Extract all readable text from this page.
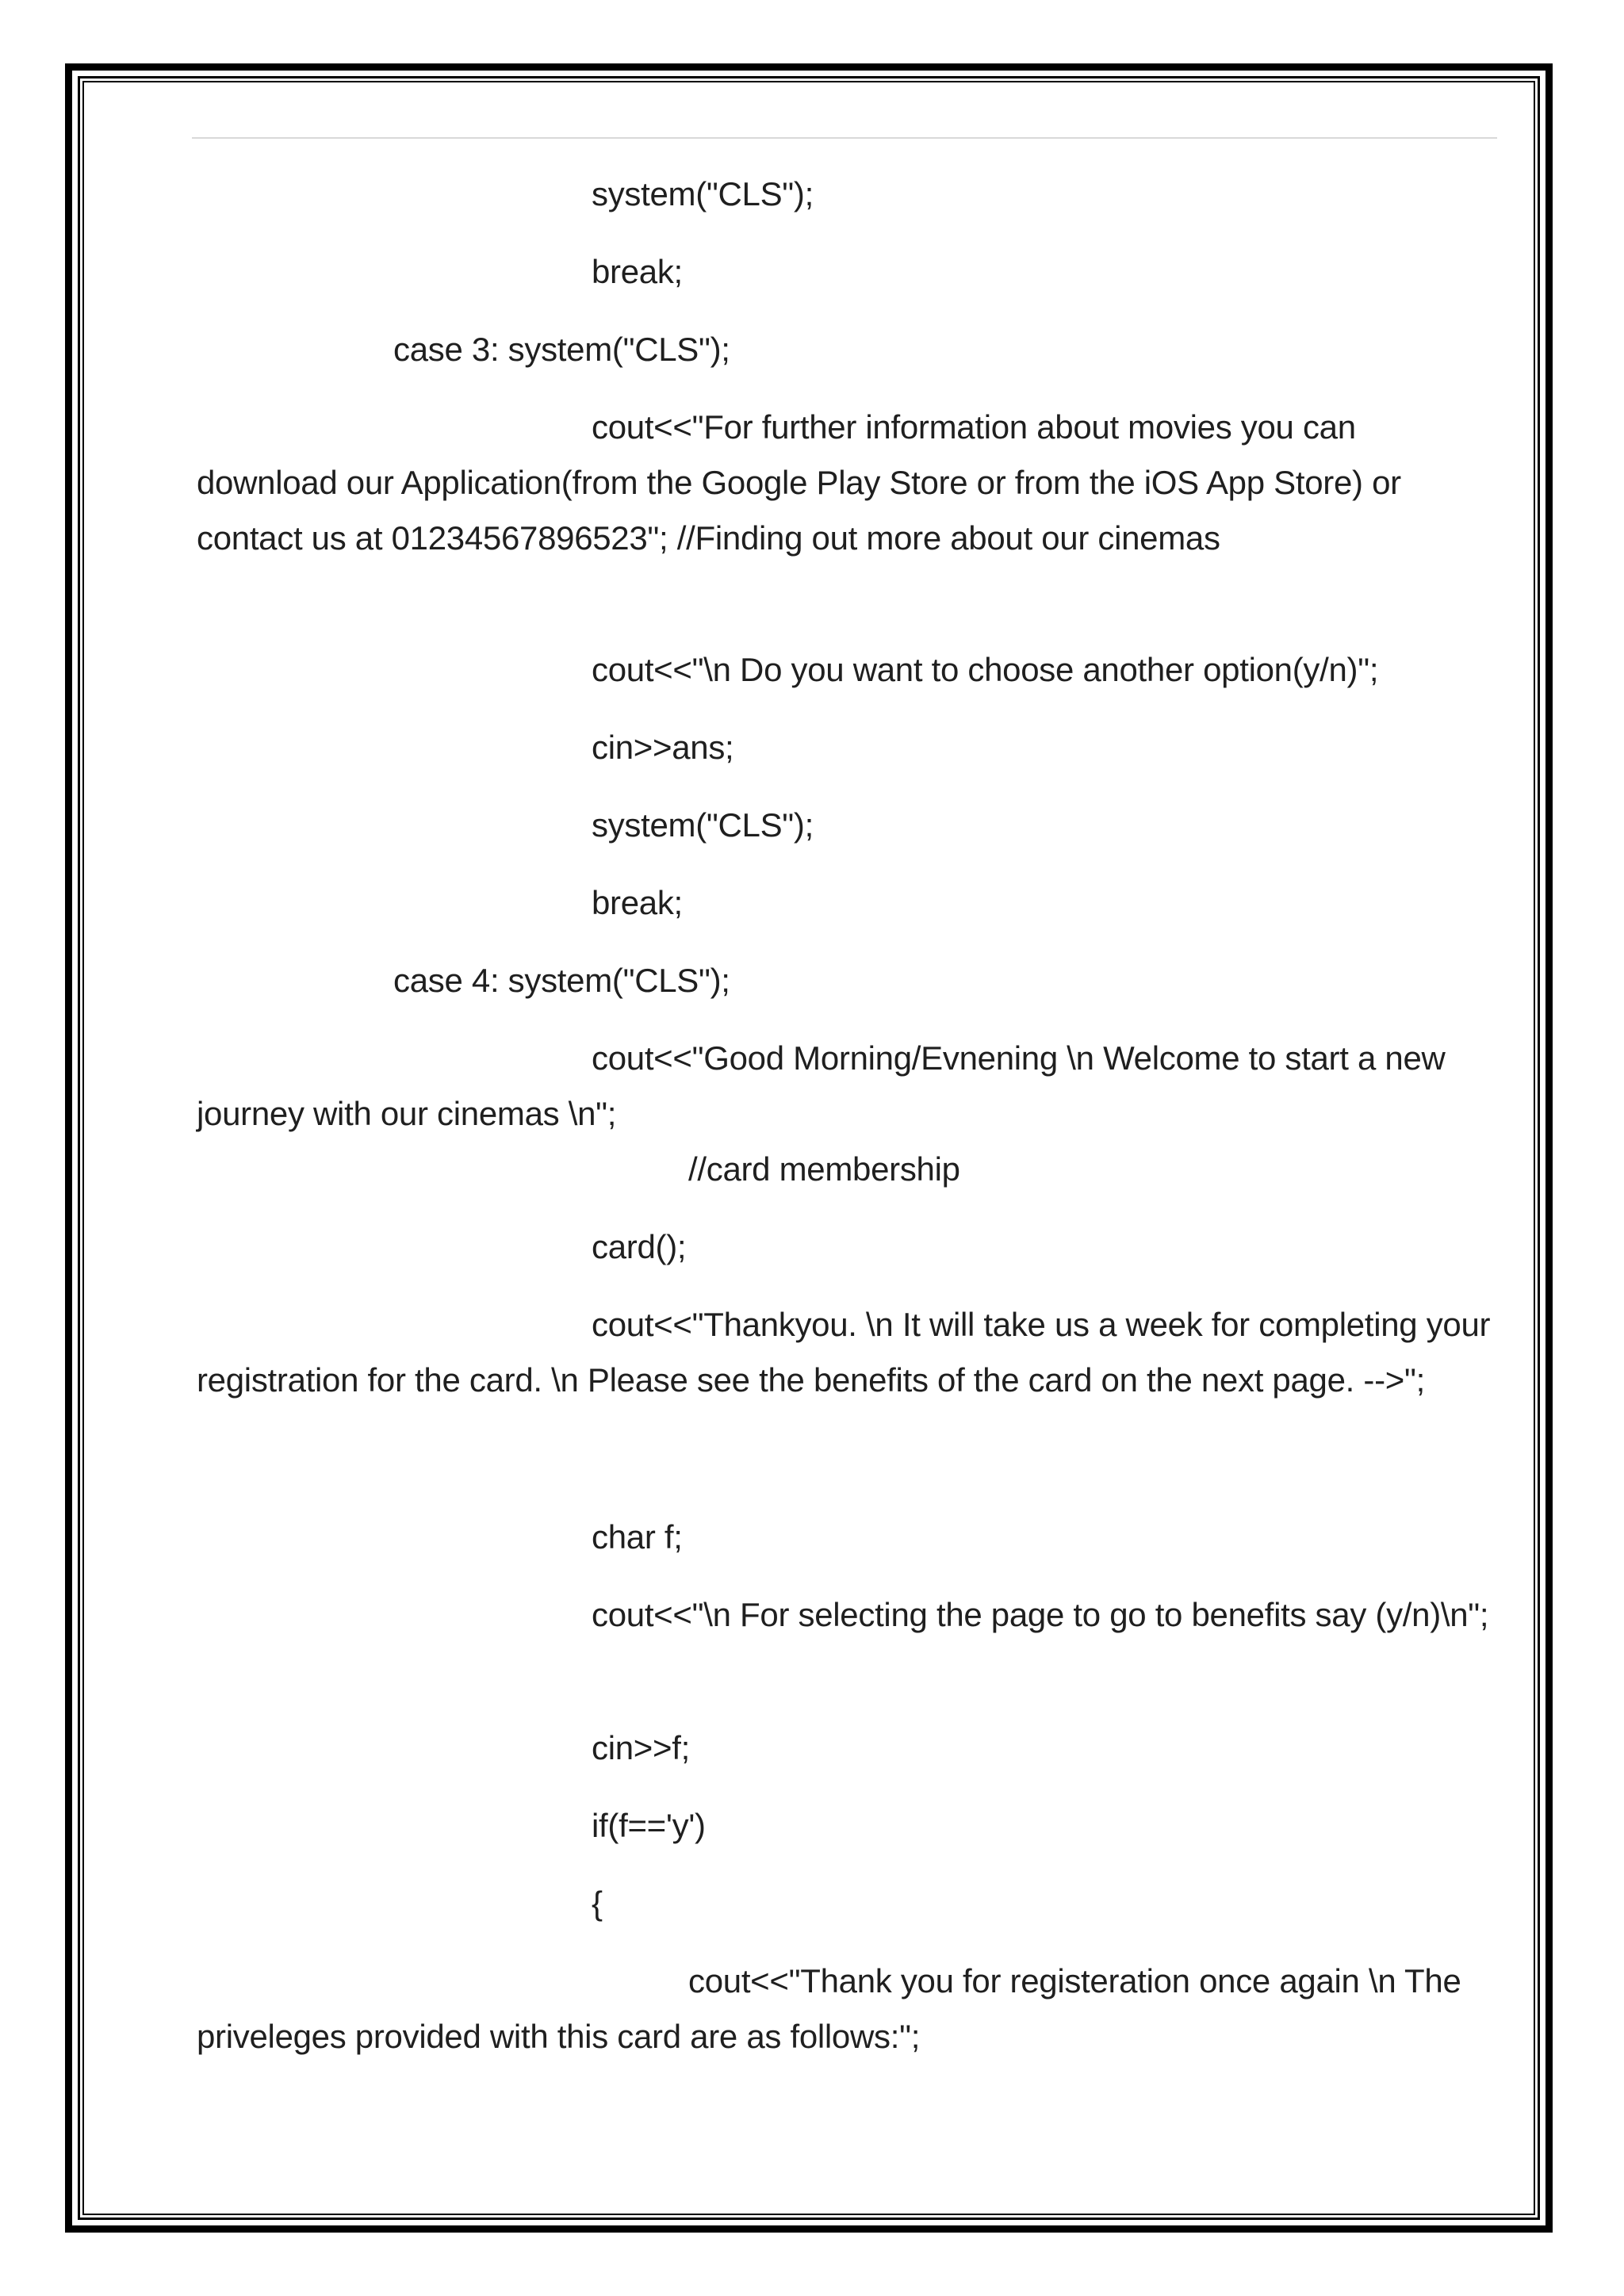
system("CLS");
break;
case 3: system("CLS");
cout<<"For further information about movies you can download our Application(from the Google Play Store or from the iOS App Store) or contact us at 01234567896523"; //Finding out more about our cinemas
cout<<"\n Do you want to choose another option(y/n)";
cin>>ans;
system("CLS");
break;
case 4: system("CLS");
cout<<"Good Morning/Evnening \n Welcome to start a new journey with our cinemas \n";
//card membership
card();
cout<<"Thankyou. \n It will take us a week for completing your registration for the card. \n Please see the benefits of the card on the next page. -->";
char f;
cout<<"\n For selecting the page to go to benefits say (y/n)\n";
cin>>f;
if(f=='y')
{
cout<<"Thank you for registeration once again \n The priveleges provided with this card are as follows:";
